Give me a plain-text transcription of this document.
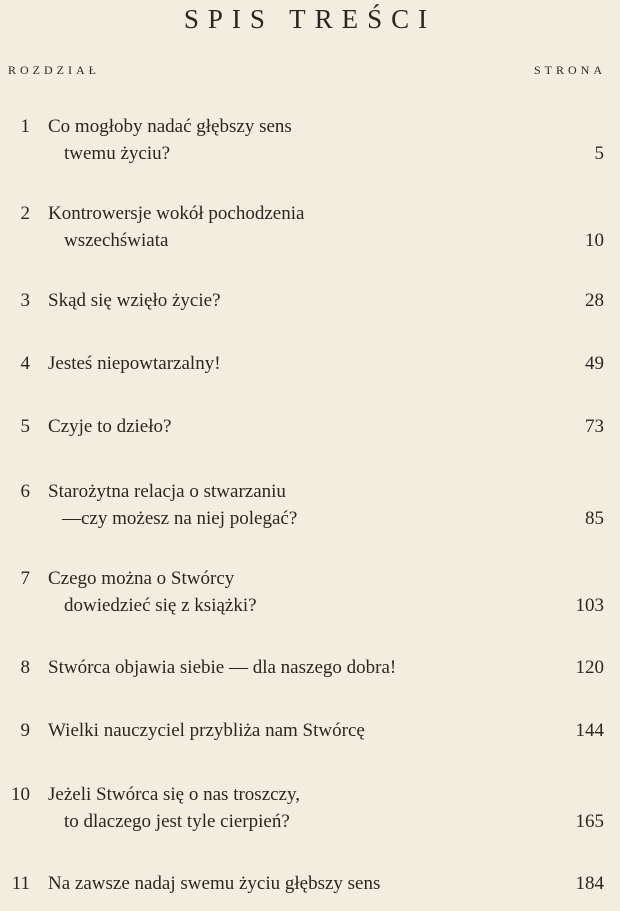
SPIS TREŚCI
ROZDZIAŁ	STRONA
1 Co mogłoby nadać głębszy sens
twemu życiu?	5
2 Kontrowersje wokół pochodzenia
wszechświata	10
3 Skąd się wzięło życie?	28
4 Jesteś niepowtarzalny!	49
5 Czyje to dzieło?	73
6 Starożytna relacja o stwarzaniu
—czy możesz na niej polegać?	85
7 Czego można o Stwórcy
dowiedzieć się z książki?	103
8 Stwórca objawia siebie — dla naszego dobra!	120
9 Wielki nauczyciel przybliża nam Stwórcę	144
10 Jeżeli Stwórca się o nas troszczy,
to dlaczego jest tyle cierpień?	165
11 Na zawsze nadaj swemu życiu głębszy sens	184
